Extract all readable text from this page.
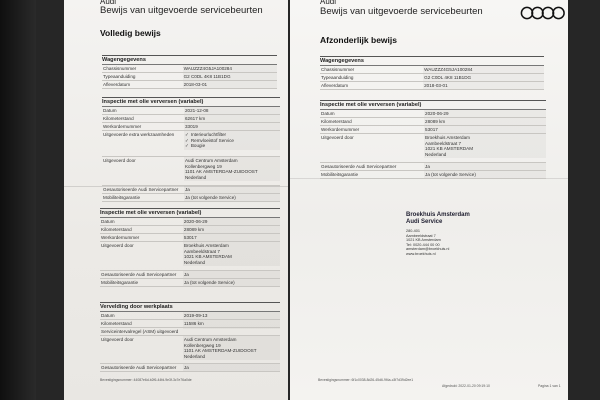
Audi
Bewijs van uitgevoerde servicebeurten
Volledig bewijs
Wagengegevens
Chassisnummer	WAUZZZ4G5JA100284
Typeaanduiding	G2 C0DL 4K8 11B1DG
Afleverdatum	2018-03-01
Inspectie met olie verversen (variabel)
Datum	2021-12-08
Kilometerstand	62617 km
Werkordernummer	33019
Uitgevoerde extra werkzaamheden	✓ Interieurluchtfilter
✓ Remvloeistof Service
✓ Bougie
Uitgevoerd door	Audi Centrum Amsterdam
Kollenbergweg 19
1101 AK AMSTERDAM-ZUIDOOST
Nederland
Gesautoriseerde Audi Servicepartner	Ja
Mobiliteitsgarantie	Ja (tot volgende Service)
Inspectie met olie verversen (variabel)
Datum	2020-06-29
Kilometerstand	28089 km
Werkordernummer	53017
Uitgevoerd door	Broekhuis Amsterdam
Aambeeldstraat 7
1021 KB AMSTERDAM
Nederland
Gesautoriseerde Audi Servicepartner	Ja
Mobiliteitsgarantie	Ja (tot volgende Service)
Vervelding door werkplaats
Datum	2019-09-13
Kilometerstand	11586 km
Serviceintervalregel (ASM) uitgevoerd
Uitgevoerd door	Audi Centrum Amsterdam
Kollenbergweg 19
1101 AK AMSTERDAM-ZUIDOOST
Nederland
Gesautoriseerde Audi Servicepartner	Ja
Bevestigingsnummer: 44087e6d-b2f6-44fd-9e3f-3c7e76a0de
Audi
Bewijs van uitgevoerde servicebeurten
Afzonderlijk bewijs
Wagengegevens
Chassisnummer	WAUZZZ4G5JA100284
Typeaanduiding	G2 C0DL 4K8 11B1DG
Afleverdatum	2018-03-01
Inspectie met olie verversen (variabel)
Datum	2020-06-29
Kilometerstand	28089 km
Werkordernummer	53017
Uitgevoerd door	Broekhuis Amsterdam
Aambeeldstraat 7
1021 KB AMSTERDAM
Nederland
Gesautoriseerde Audi Servicepartner	Ja
Mobiliteitsgarantie	Ja (tot volgende Service)
Broekhuis Amsterdam
Audi Service
280-401
Aambeeldstraat 7
1021 KB Amsterdam
Tel: 0020-444 00 00
amsterdam@broekhuis.nl
www.broekhuis.nl
Bevestigingsnummer: 6f1c0038-8d26-45d6-9f4a-c3f7d39d2ee1
Afgedrukt: 2022-01-20 09:19:10	Pagina 1 van 1
